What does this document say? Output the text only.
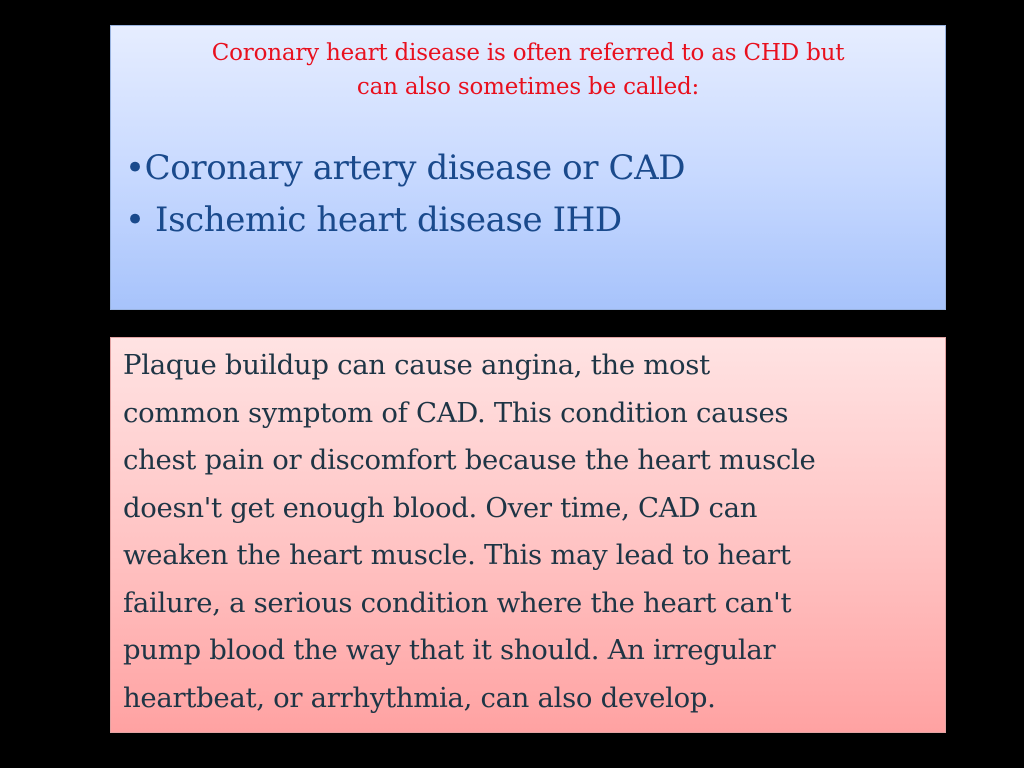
Coronary heart disease is often referred to as CHD but
can also sometimes be called:
•Coronary artery disease or CAD
• Ischemic heart disease IHD
Plaque buildup can cause angina, the most
common symptom of CAD. This condition causes
chest pain or discomfort because the heart muscle
doesn't get enough blood. Over time, CAD can
weaken the heart muscle. This may lead to heart
failure, a serious condition where the heart can't
pump blood the way that it should. An irregular
heartbeat, or arrhythmia, can also develop.
